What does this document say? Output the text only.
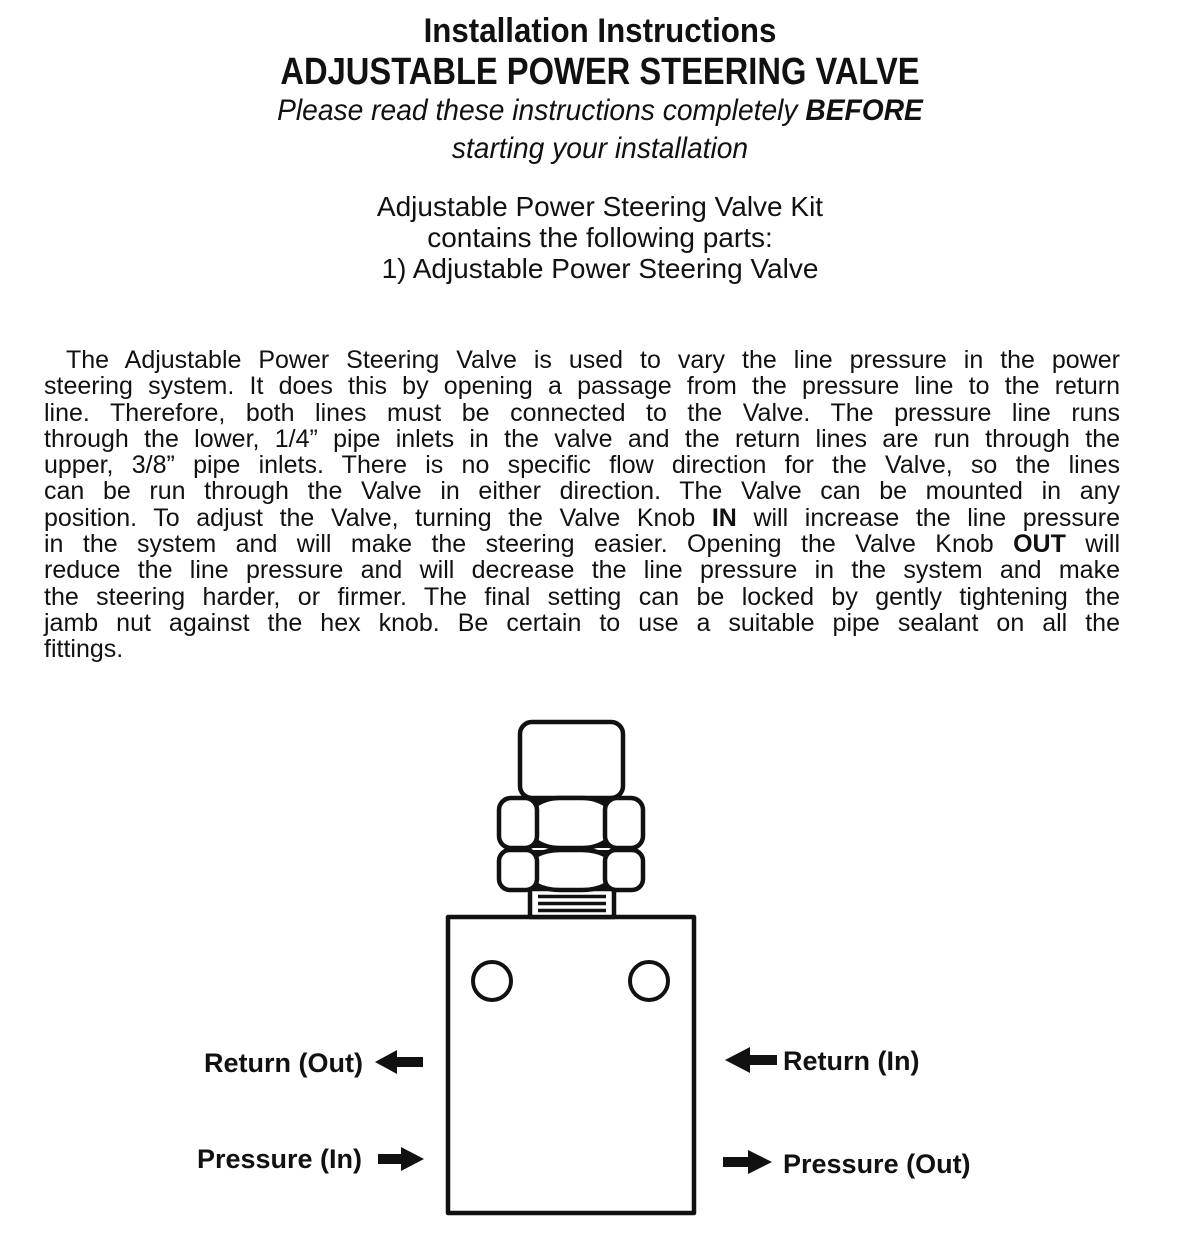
Installation Instructions
ADJUSTABLE POWER STEERING VALVE
Please read these instructions completely BEFORE
starting your installation
Adjustable Power Steering Valve Kit
contains the following parts:
1) Adjustable Power Steering Valve
The Adjustable Power Steering Valve is used to vary the line pressure in the power
steering system. It does this by opening a passage from the pressure line to the return
line. Therefore, both lines must be connected to the Valve. The pressure line runs
through the lower, 1/4” pipe inlets in the valve and the return lines are run through the
upper, 3/8” pipe inlets. There is no specific flow direction for the Valve, so the lines
can be run through the Valve in either direction. The Valve can be mounted in any
position. To adjust the Valve, turning the Valve Knob IN will increase the line pressure
in the system and will make the steering easier. Opening the Valve Knob OUT will
reduce the line pressure and will decrease the line pressure in the system and make
the steering harder, or firmer. The final setting can be locked by gently tightening the
jamb nut against the hex knob. Be certain to use a suitable pipe sealant on all the
fittings.
Return (Out)
Pressure (In)
Return (In)
Pressure (Out)
